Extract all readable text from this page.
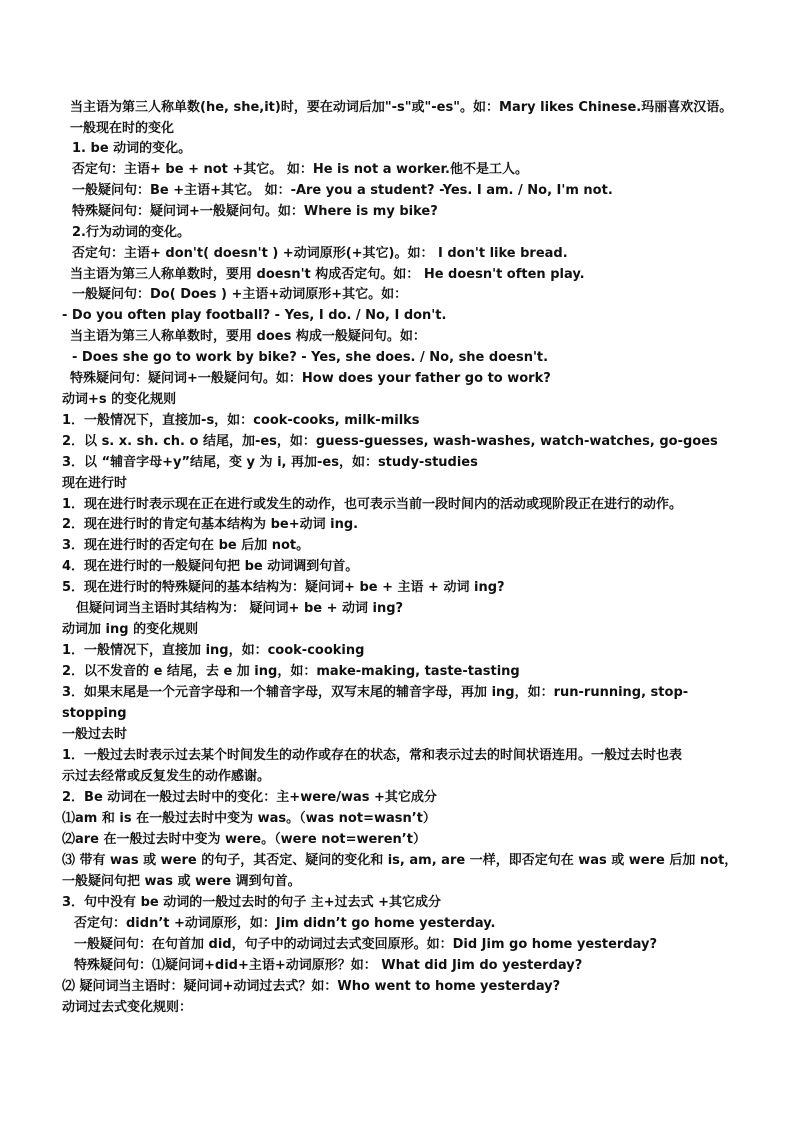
当主语为第三人称单数(he, she,it)时，要在动词后加"-s"或"-es"。如：Mary likes Chinese.玛丽喜欢汉语。
一般现在时的变化
1. be 动词的变化。
否定句：主语+ be + not +其它。 如：He is not a worker.他不是工人。
一般疑问句：Be +主语+其它。 如：-Are you a student? -Yes. I am. / No, I'm not.
特殊疑问句：疑问词+一般疑问句。如：Where is my bike?
2.行为动词的变化。
否定句：主语+ don't( doesn't ) +动词原形(+其它)。如： I don't like bread.
当主语为第三人称单数时，要用 doesn't 构成否定句。如： He doesn't often play.
一般疑问句：Do( Does ) +主语+动词原形+其它。如：
- Do you often play football? - Yes, I do. / No, I don't.
当主语为第三人称单数时，要用 does 构成一般疑问句。如：
- Does she go to work by bike? - Yes, she does. / No, she doesn't.
特殊疑问句：疑问词+一般疑问句。如：How does your father go to work?
动词+s 的变化规则
1．一般情况下，直接加-s，如：cook-cooks, milk-milks
2．以 s. x. sh. ch. o 结尾，加-es，如：guess-guesses, wash-washes, watch-watches, go-goes
3．以 “辅音字母+y”结尾，变 y 为 i, 再加-es，如：study-studies
现在进行时
1．现在进行时表示现在正在进行或发生的动作，也可表示当前一段时间内的活动或现阶段正在进行的动作。
2．现在进行时的肯定句基本结构为 be+动词 ing.
3．现在进行时的否定句在 be 后加 not。
4．现在进行时的一般疑问句把 be 动词调到句首。
5．现在进行时的特殊疑问的基本结构为：疑问词+ be + 主语 + 动词 ing?
但疑问词当主语时其结构为： 疑问词+ be + 动词 ing?
动词加 ing 的变化规则
1．一般情况下，直接加 ing，如：cook-cooking
2．以不发音的 e 结尾，去 e 加 ing，如：make-making, taste-tasting
3．如果末尾是一个元音字母和一个辅音字母，双写末尾的辅音字母，再加 ing，如：run-running, stop-
stopping
一般过去时
1．一般过去时表示过去某个时间发生的动作或存在的状态，常和表示过去的时间状语连用。一般过去时也表
示过去经常或反复发生的动作感谢。
2．Be 动词在一般过去时中的变化：主+were/was +其它成分
⑴am 和 is 在一般过去时中变为 was。（was not=wasn’t）
⑵are 在一般过去时中变为 were。（were not=weren’t）
⑶ 带有 was 或 were 的句子，其否定、疑问的变化和 is, am, are 一样，即否定句在 was 或 were 后加 not，
一般疑问句把 was 或 were 调到句首。
3．句中没有 be 动词的一般过去时的句子 主+过去式 +其它成分
否定句：didn’t +动词原形，如：Jim didn’t go home yesterday.
一般疑问句：在句首加 did，句子中的动词过去式变回原形。如：Did Jim go home yesterday?
特殊疑问句：⑴疑问词+did+主语+动词原形？如： What did Jim do yesterday?
⑵ 疑问词当主语时：疑问词+动词过去式？如：Who went to home yesterday?
动词过去式变化规则：
